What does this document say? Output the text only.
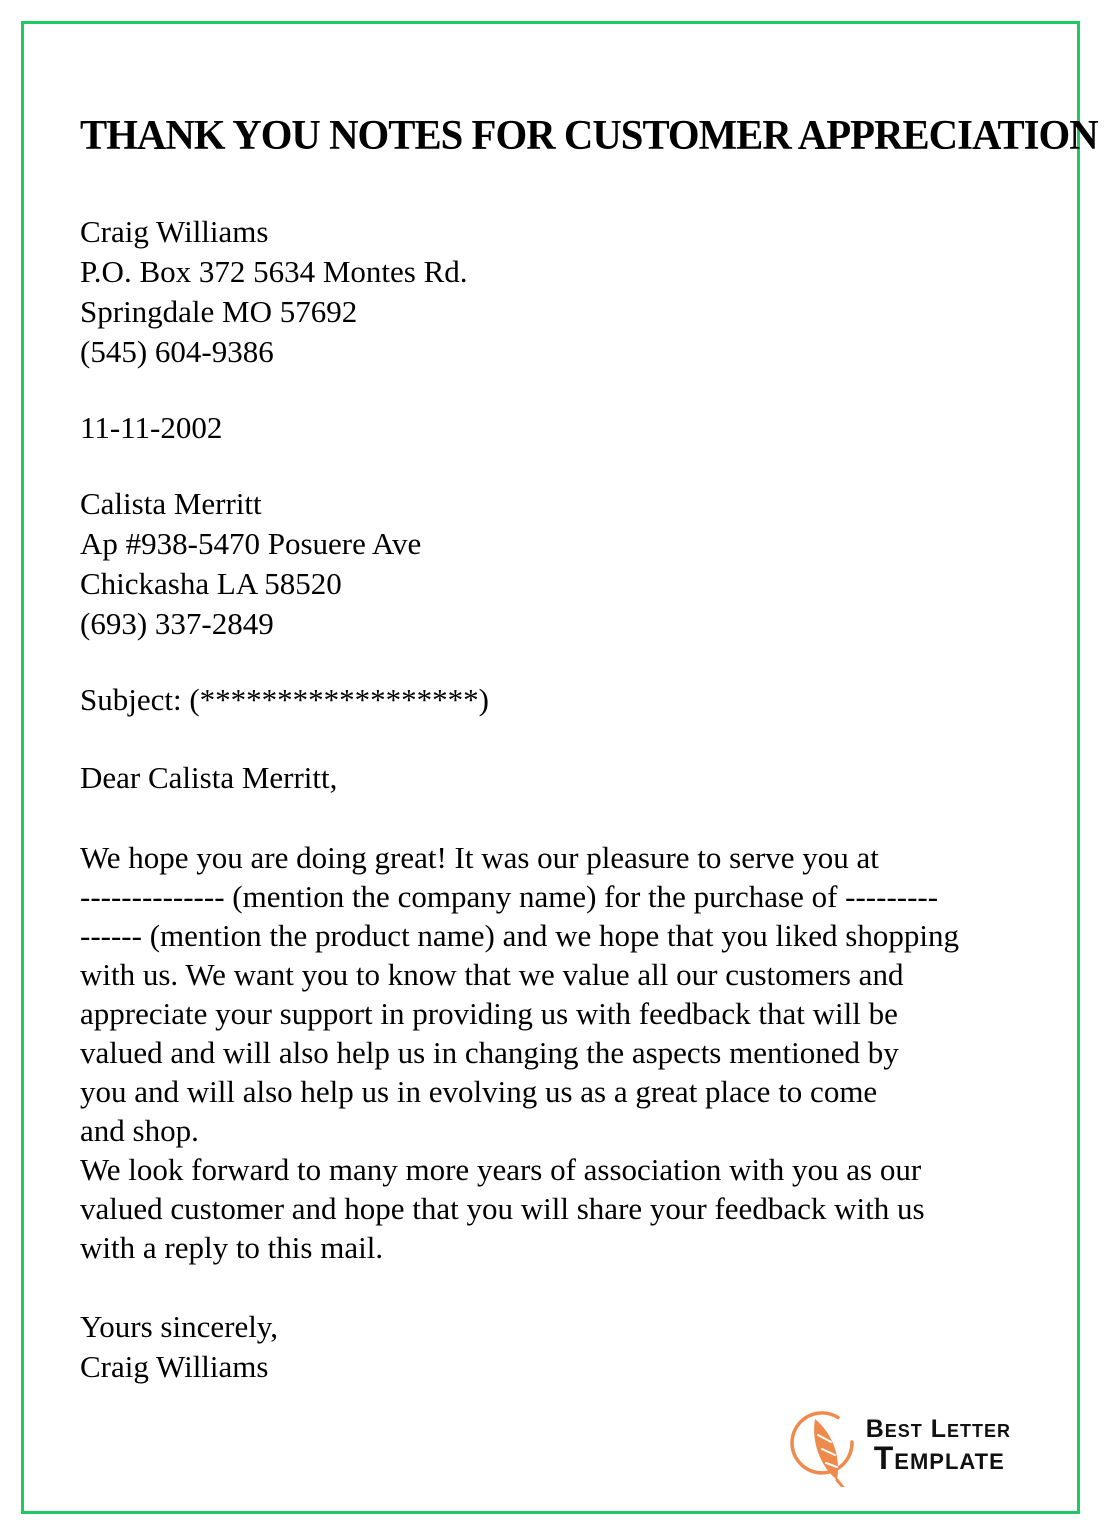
THANK YOU NOTES FOR CUSTOMER APPRECIATION
Craig Williams
P.O. Box 372 5634 Montes Rd.
Springdale MO 57692
(545) 604-9386
11-11-2002
Calista Merritt
Ap #938-5470 Posuere Ave
Chickasha LA 58520
(693) 337-2849
Subject: (******************)
Dear Calista Merritt,
We hope you are doing great! It was our pleasure to serve you at
-------------- (mention the company name) for the purchase of ---------
------ (mention the product name) and we hope that you liked shopping
with us. We want you to know that we value all our customers and
appreciate your support in providing us with feedback that will be
valued and will also help us in changing the aspects mentioned by
you and will also help us in evolving us as a great place to come
and shop.
We look forward to many more years of association with you as our
valued customer and hope that you will share your feedback with us
with a reply to this mail.
Yours sincerely,
Craig Williams
Best Letter
Template
